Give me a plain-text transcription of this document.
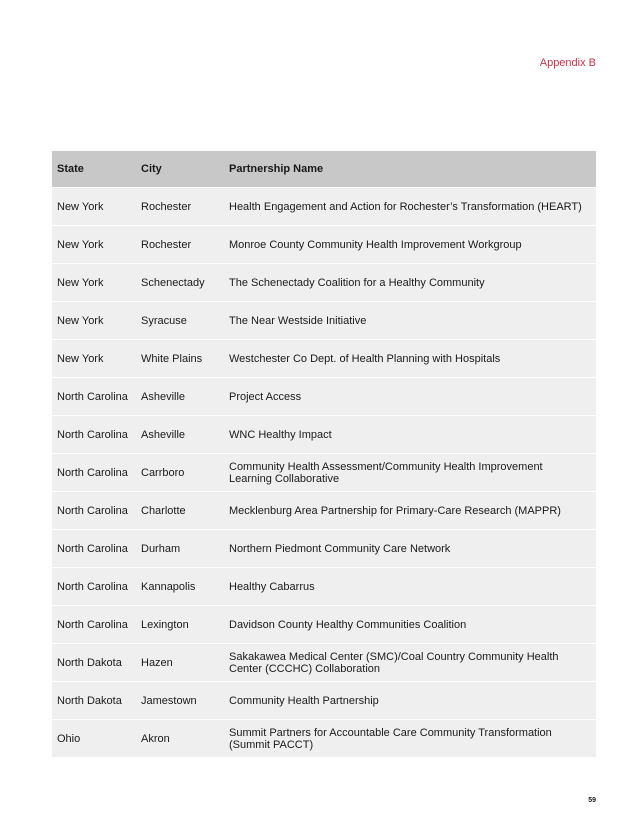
Appendix B
State	City	Partnership Name
New York	Rochester	Health Engagement and Action for Rochester’s Transformation (HEART)
New York	Rochester	Monroe County Community Health Improvement Workgroup
New York	Schenectady	The Schenectady Coalition for a Healthy Community
New York	Syracuse	The Near Westside Initiative
New York	White Plains	Westchester Co Dept. of Health Planning with Hospitals
North Carolina	Asheville	Project Access
North Carolina	Asheville	WNC Healthy Impact
North Carolina	Carrboro	Community Health Assessment/Community Health Improvement Learning Collaborative
North Carolina	Charlotte	Mecklenburg Area Partnership for Primary-Care Research (MAPPR)
North Carolina	Durham	Northern Piedmont Community Care Network
North Carolina	Kannapolis	Healthy Cabarrus
North Carolina	Lexington	Davidson County Healthy Communities Coalition
North Dakota	Hazen	Sakakawea Medical Center (SMC)/Coal Country Community Health Center (CCCHC) Collaboration
North Dakota	Jamestown	Community Health Partnership
Ohio	Akron	Summit Partners for Accountable Care Community Transformation (Summit PACCT)
59
